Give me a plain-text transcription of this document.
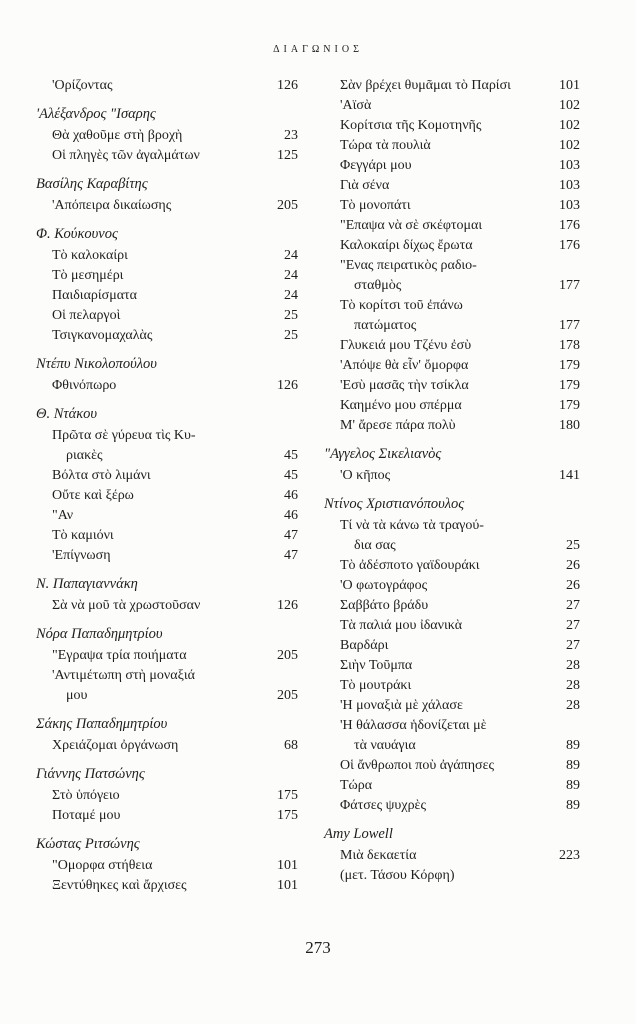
ΔΙΑΓΩΝΙΟΣ
'Ορίζοντας	126
'Αλέξανδρος "Ισαρης
Θὰ χαθοῦμε στὴ βροχὴ	23
Οἱ πληγὲς τῶν ἀγαλμάτων	125
Βασίλης Καραβίτης
'Απόπειρα δικαίωσης	205
Φ. Κούκουνος
Τὸ καλοκαίρι	24
Τὸ μεσημέρι	24
Παιδιαρίσματα	24
Οἱ πελαργοὶ	25
Τσιγκανομαχαλὰς	25
Ντέπυ Νικολοπούλου
Φθινόπωρο	126
Θ. Ντάκου
Πρῶτα σὲ γύρευα τὶς Κυ-
ριακὲς	45
Βόλτα στὸ λιμάνι	45
Οὔτε καὶ ξέρω	46
"Αν	46
Τὸ καμιόνι	47
'Επίγνωση	47
Ν. Παπαγιαννάκη
Σὰ νὰ μοῦ τὰ χρωστοῦσαν	126
Νόρα Παπαδημητρίου
"Εγραψα τρία ποιήματα	205
'Αντιμέτωπη στὴ μοναξιά
μου	205
Σάκης Παπαδημητρίου
Χρειάζομαι ὀργάνωση	68
Γιάννης Πατσώνης
Στὸ ὑπόγειο	175
Ποταμέ μου	175
Κώστας Ριτσώνης
"Ομορφα στήθεια	101
Ξεντύθηκες καὶ ἄρχισες	101
Σὰν βρέχει θυμᾶμαι τὸ Παρίσι	101
'Αϊσὰ	102
Κορίτσια τῆς Κομοτηνῆς	102
Τώρα τὰ πουλιὰ	102
Φεγγάρι μου	103
Γιὰ σένα	103
Τὸ μονοπάτι	103
"Επαψα νὰ σὲ σκέφτομαι	176
Καλοκαίρι δίχως ἔρωτα	176
"Ενας πειρατικὸς ραδιο-
σταθμὸς	177
Τὸ κορίτσι τοῦ ἐπάνω
πατώματος	177
Γλυκειά μου Τζένυ ἐσὺ	178
'Απόψε θὰ εἶν' ὄμορφα	179
'Εσὺ μασᾶς τὴν τσίκλα	179
Καημένο μου σπέρμα	179
Μ' ἄρεσε πάρα πολὺ	180
"Αγγελος Σικελιανὸς
'Ο κῆπος	141
Ντίνος Χριστιανόπουλος
Τί νὰ τὰ κάνω τὰ τραγού-
δια σας	25
Τὸ ἀδέσποτο γαϊδουράκι	26
'Ο φωτογράφος	26
Σαββάτο βράδυ	27
Τὰ παλιά μου ἰδανικὰ	27
Βαρδάρι	27
Σιὴν Τοῦμπα	28
Τὸ μουτράκι	28
'Η μοναξιὰ μὲ χάλασε	28
'Η θάλασσα ἡδονίζεται μὲ
τὰ ναυάγια	89
Οἱ ἄνθρωποι ποὺ ἀγάπησες	89
Τώρα	89
Φάτσες ψυχρὲς	89
Amy Lowell
Μιὰ δεκαετία	223
(μετ. Τάσου Κόρφη)
273
